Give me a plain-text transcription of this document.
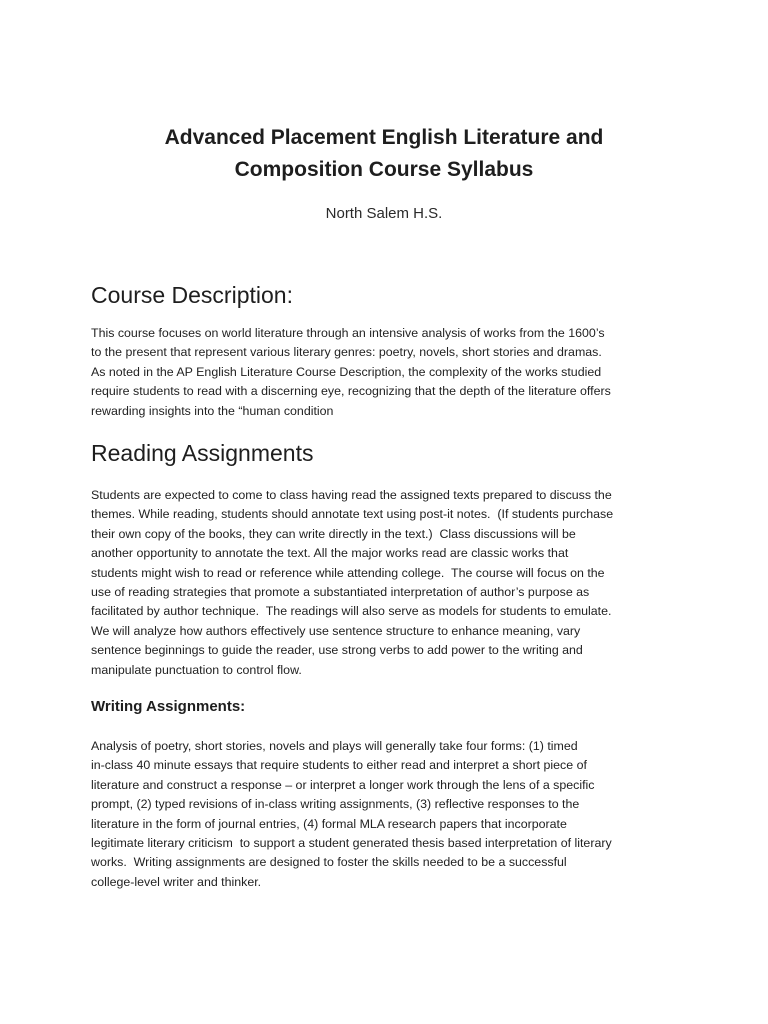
Advanced Placement English Literature and
Composition Course Syllabus
North Salem H.S.
Course Description:
This course focuses on world literature through an intensive analysis of works from the 1600’s
to the present that represent various literary genres: poetry, novels, short stories and dramas.
As noted in the AP English Literature Course Description, the complexity of the works studied
require students to read with a discerning eye, recognizing that the depth of the literature offers
rewarding insights into the “human condition
Reading Assignments
Students are expected to come to class having read the assigned texts prepared to discuss the
themes. While reading, students should annotate text using post-it notes.  (If students purchase
their own copy of the books, they can write directly in the text.)  Class discussions will be
another opportunity to annotate the text. All the major works read are classic works that
students might wish to read or reference while attending college.  The course will focus on the
use of reading strategies that promote a substantiated interpretation of author’s purpose as
facilitated by author technique.  The readings will also serve as models for students to emulate.
We will analyze how authors effectively use sentence structure to enhance meaning, vary
sentence beginnings to guide the reader, use strong verbs to add power to the writing and
manipulate punctuation to control flow.
Writing Assignments:
Analysis of poetry, short stories, novels and plays will generally take four forms: (1) timed
in-class 40 minute essays that require students to either read and interpret a short piece of
literature and construct a response – or interpret a longer work through the lens of a specific
prompt, (2) typed revisions of in-class writing assignments, (3) reflective responses to the
literature in the form of journal entries, (4) formal MLA research papers that incorporate
legitimate literary criticism  to support a student generated thesis based interpretation of literary
works.  Writing assignments are designed to foster the skills needed to be a successful
college-level writer and thinker.
